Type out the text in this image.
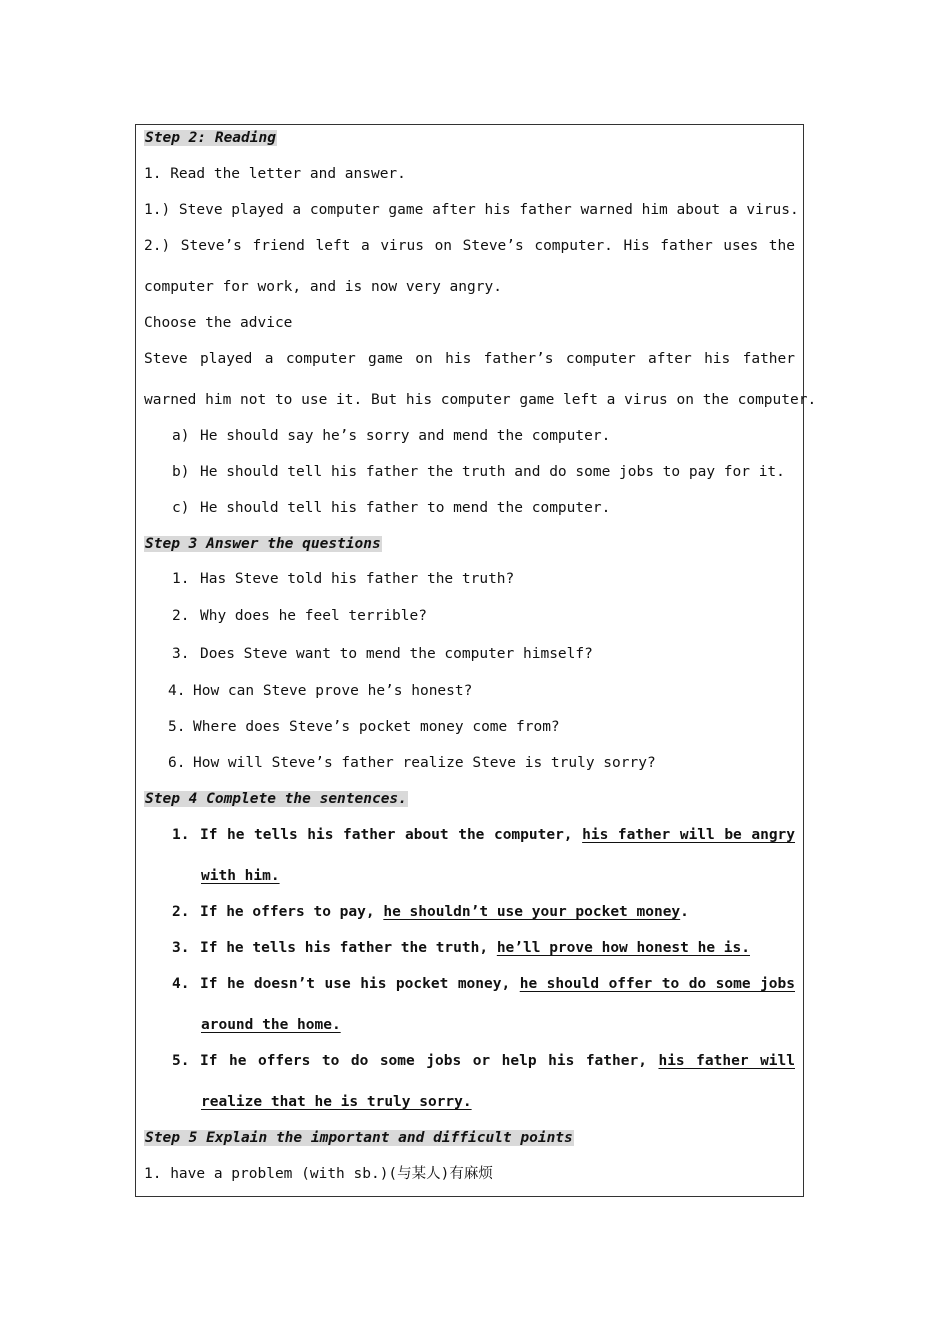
Step 2: Reading
1. Read the letter and answer.
1.) Steve played a computer game after his father warned him about a virus.
2.) Steve’s friend left a virus on Steve’s computer. His father uses the
computer for work, and is now very angry.
Choose the advice
Steve played a computer game on his father’s computer after his father
warned him not to use it. But his computer game left a virus on the computer.
a) He should say he’s sorry and mend the computer.
b) He should tell his father the truth and do some jobs to pay for it.
c) He should tell his father to mend the computer.
Step 3 Answer the questions
1. Has Steve told his father the truth?
2. Why does he feel terrible?
3. Does Steve want to mend the computer himself?
4. How can Steve prove he’s honest?
5. Where does Steve’s pocket money come from?
6. How will Steve’s father realize Steve is truly sorry?
Step 4 Complete the sentences.
1. If he tells his father about the computer, his father will be angry
with him.
2. If he offers to pay, he shouldn’t use your pocket money.
3. If he tells his father the truth, he’ll prove how honest he is.
4. If he doesn’t use his pocket money, he should offer to do some jobs
around the home.
5. If he offers to do some jobs or help his father, his father will
realize that he is truly sorry.
Step 5 Explain the important and difficult points
1. have a problem (with sb.)(与某人)有麻烦
